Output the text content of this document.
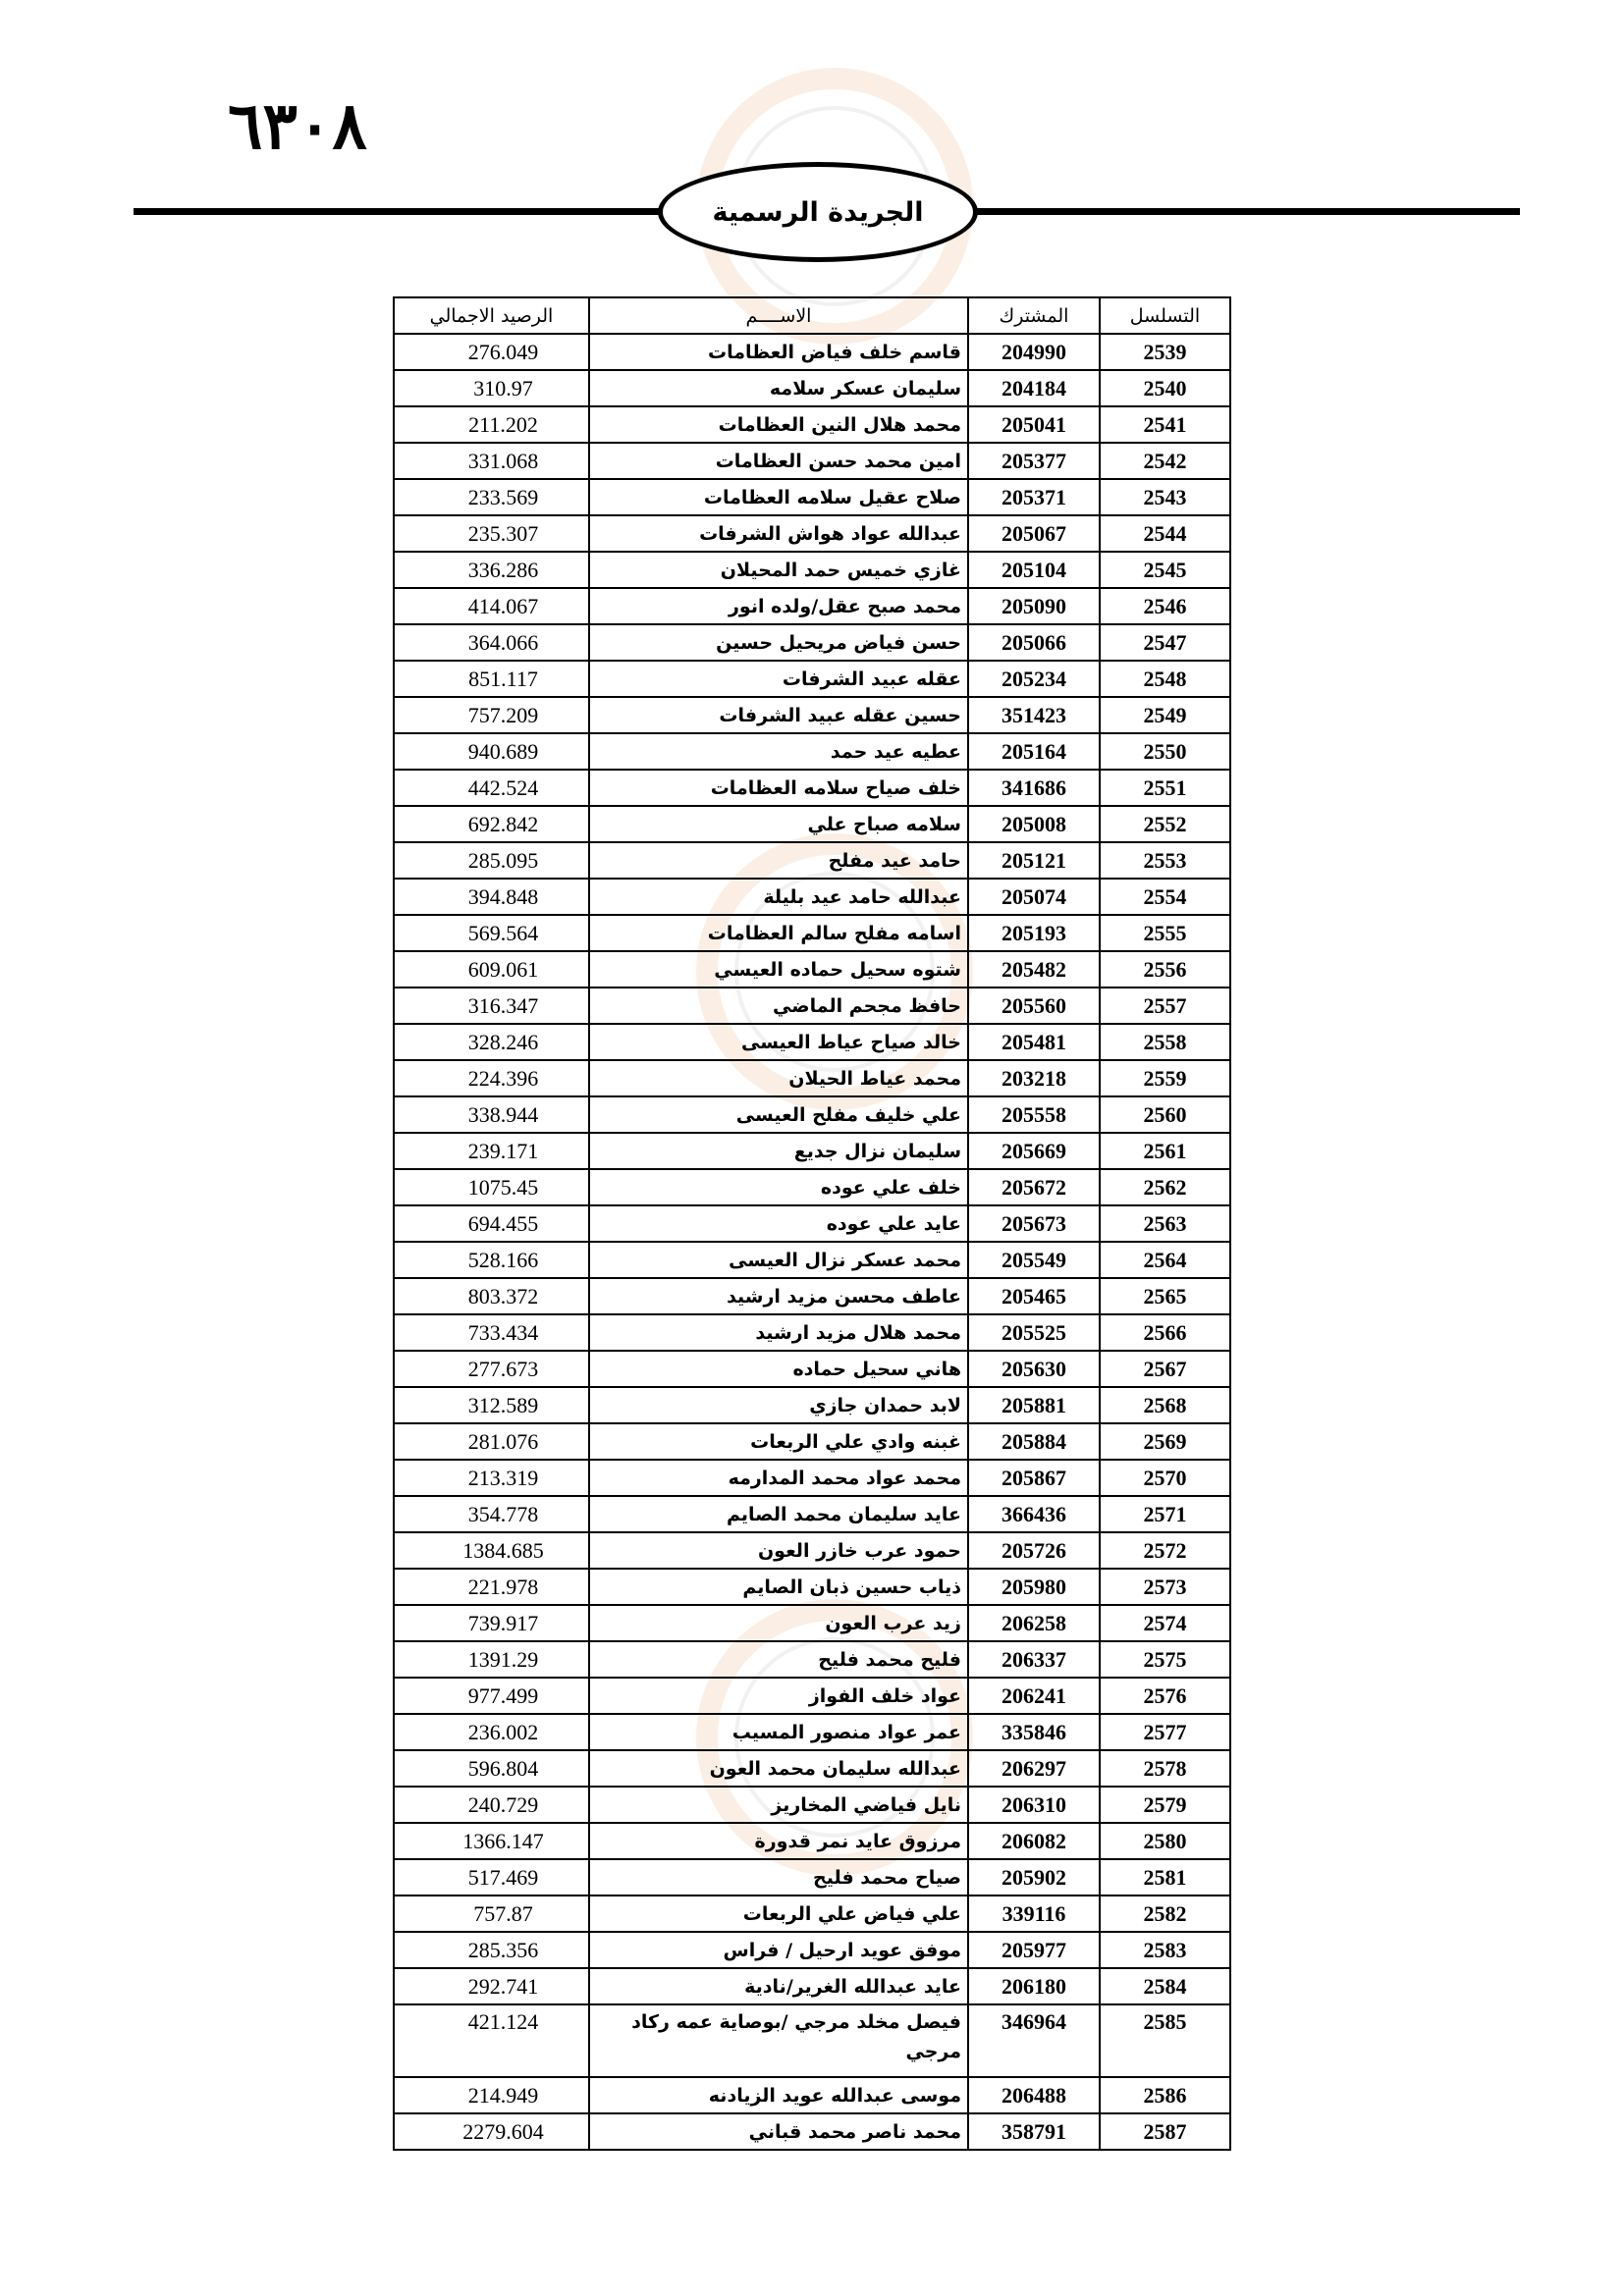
٦٣٠٨
الجريدة الرسمية
التسلسل	المشترك	الاســــم	الرصيد الاجمالي
2539	204990	قاسم خلف فياض العظامات	276.049
2540	204184	سليمان عسكر سلامه	310.97
2541	205041	محمد هلال النين العظامات	211.202
2542	205377	امين محمد حسن العظامات	331.068
2543	205371	صلاح عقيل سلامه العظامات	233.569
2544	205067	عبدالله عواد هواش الشرفات	235.307
2545	205104	غازي خميس حمد المحيلان	336.286
2546	205090	محمد صبح عقل/ولده انور	414.067
2547	205066	حسن فياض مريحيل حسين	364.066
2548	205234	عقله عبيد الشرفات	851.117
2549	351423	حسين عقله عبيد الشرفات	757.209
2550	205164	عطيه عيد حمد	940.689
2551	341686	خلف صياح سلامه العظامات	442.524
2552	205008	سلامه صباح علي	692.842
2553	205121	حامد عيد مفلح	285.095
2554	205074	عبدالله حامد عيد بليلة	394.848
2555	205193	اسامه مفلح سالم العظامات	569.564
2556	205482	شتوه سحيل حماده العيسي	609.061
2557	205560	حافظ مجحم الماضي	316.347
2558	205481	خالد صياح عياط العيسى	328.246
2559	203218	محمد عياط الحيلان	224.396
2560	205558	علي خليف مفلح العيسى	338.944
2561	205669	سليمان نزال جديع	239.171
2562	205672	خلف علي عوده	1075.45
2563	205673	عايد علي عوده	694.455
2564	205549	محمد عسكر نزال العيسى	528.166
2565	205465	عاطف محسن مزيد ارشيد	803.372
2566	205525	محمد هلال مزيد ارشيد	733.434
2567	205630	هاني سحيل حماده	277.673
2568	205881	لابد حمدان جازي	312.589
2569	205884	غبنه وادي علي الربعات	281.076
2570	205867	محمد عواد محمد المدارمه	213.319
2571	366436	عايد سليمان محمد الصايم	354.778
2572	205726	حمود عرب خازر العون	1384.685
2573	205980	ذياب حسين ذبان الصايم	221.978
2574	206258	زيد عرب العون	739.917
2575	206337	فليح محمد فليح	1391.29
2576	206241	عواد خلف الفواز	977.499
2577	335846	عمر عواد منصور المسيب	236.002
2578	206297	عبدالله سليمان محمد العون	596.804
2579	206310	نايل فياضي المخاريز	240.729
2580	206082	مرزوق عايد نمر قدورة	1366.147
2581	205902	صياح محمد فليح	517.469
2582	339116	علي فياض علي الربعات	757.87
2583	205977	موفق عويد ارحيل / فراس	285.356
2584	206180	عايد عبدالله الغرير/نادية	292.741
2585	346964	فيصل مخلد مرجي /بوصاية عمه ركاد مرجي	421.124
2586	206488	موسى عبدالله عويد الزيادنه	214.949
2587	358791	محمد ناصر محمد قباني	2279.604
